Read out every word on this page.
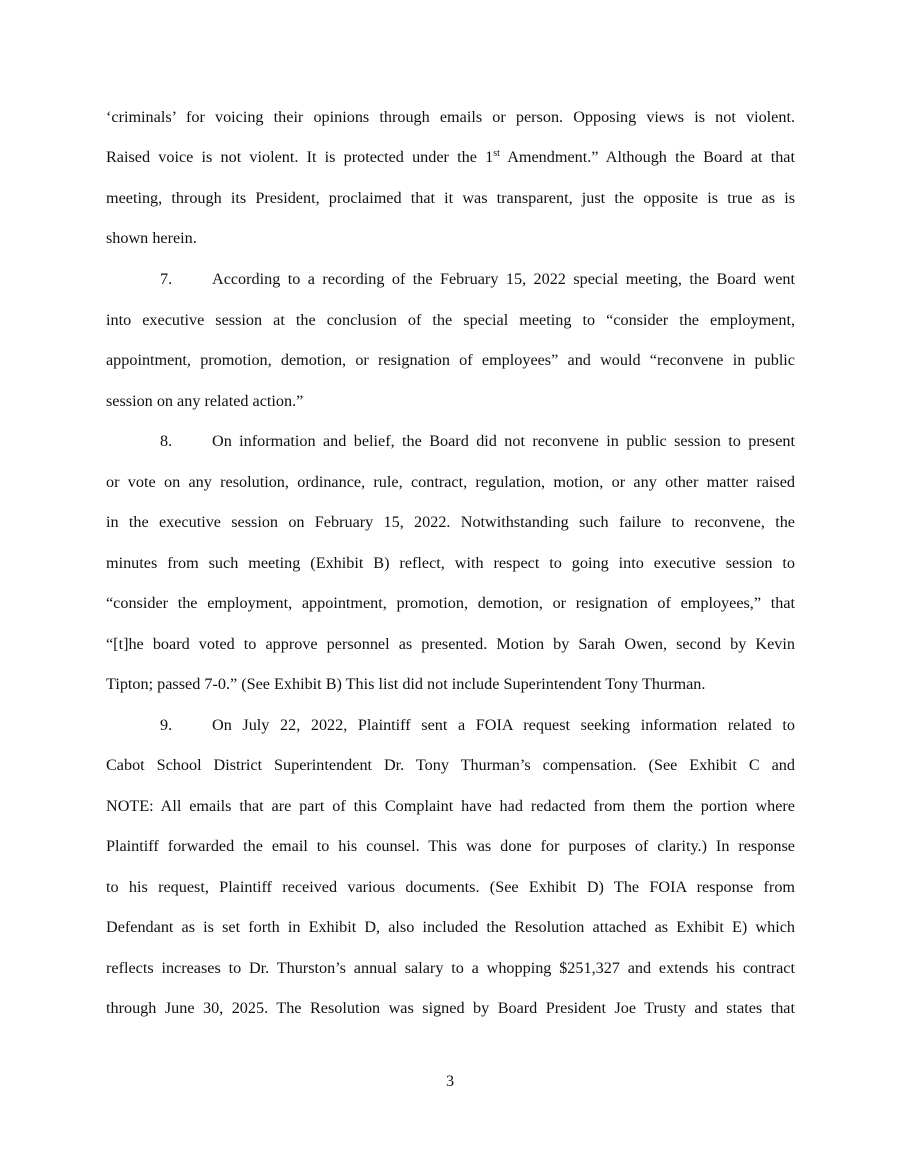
‘criminals’ for voicing their opinions through emails or person. Opposing views is not violent.
Raised voice is not violent. It is protected under the 1st Amendment.” Although the Board at that
meeting, through its President, proclaimed that it was transparent, just the opposite is true as is
shown herein.
7. According to a recording of the February 15, 2022 special meeting, the Board went
into executive session at the conclusion of the special meeting to “consider the employment,
appointment, promotion, demotion, or resignation of employees” and would “reconvene in public
session on any related action.”
8. On information and belief, the Board did not reconvene in public session to present
or vote on any resolution, ordinance, rule, contract, regulation, motion, or any other matter raised
in the executive session on February 15, 2022. Notwithstanding such failure to reconvene, the
minutes from such meeting (Exhibit B) reflect, with respect to going into executive session to
“consider the employment, appointment, promotion, demotion, or resignation of employees,” that
“[t]he board voted to approve personnel as presented. Motion by Sarah Owen, second by Kevin
Tipton; passed 7-0.” (See Exhibit B) This list did not include Superintendent Tony Thurman.
9. On July 22, 2022, Plaintiff sent a FOIA request seeking information related to
Cabot School District Superintendent Dr. Tony Thurman’s compensation. (See Exhibit C and
NOTE: All emails that are part of this Complaint have had redacted from them the portion where
Plaintiff forwarded the email to his counsel. This was done for purposes of clarity.) In response
to his request, Plaintiff received various documents. (See Exhibit D) The FOIA response from
Defendant as is set forth in Exhibit D, also included the Resolution attached as Exhibit E) which
reflects increases to Dr. Thurston’s annual salary to a whopping $251,327 and extends his contract
through June 30, 2025. The Resolution was signed by Board President Joe Trusty and states that
3
